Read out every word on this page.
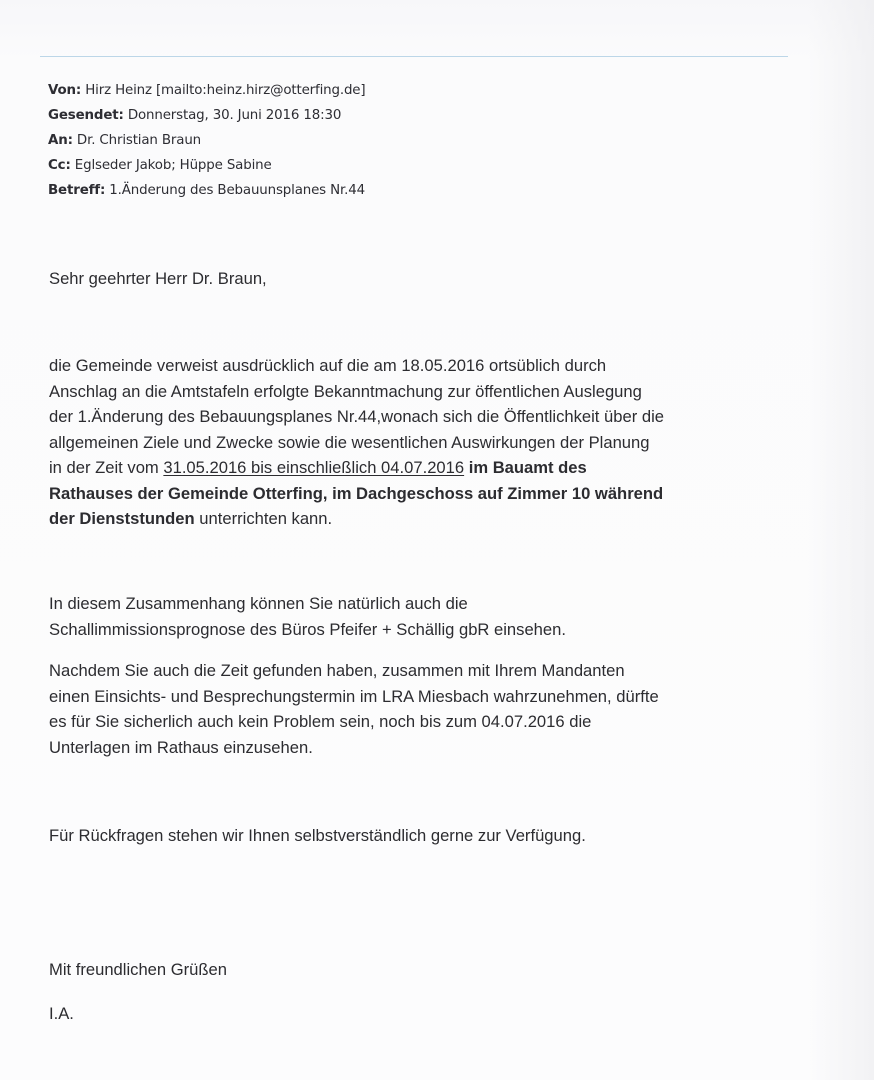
Von: Hirz Heinz [mailto:heinz.hirz@otterfing.de]
Gesendet: Donnerstag, 30. Juni 2016 18:30
An: Dr. Christian Braun
Cc: Eglseder Jakob; Hüppe Sabine
Betreff: 1.Änderung des Bebauunsplanes Nr.44
Sehr geehrter Herr Dr. Braun,
die Gemeinde verweist ausdrücklich auf die am 18.05.2016 ortsüblich durch
Anschlag an die Amtstafeln erfolgte Bekanntmachung zur öffentlichen Auslegung
der 1.Änderung des Bebauungsplanes Nr.44,wonach sich die Öffentlichkeit über die
allgemeinen Ziele und Zwecke sowie die wesentlichen Auswirkungen der Planung
in der Zeit vom 31.05.2016 bis einschließlich 04.07.2016 im Bauamt des
Rathauses der Gemeinde Otterfing, im Dachgeschoss auf Zimmer 10 während
der Dienststunden unterrichten kann.
In diesem Zusammenhang können Sie natürlich auch die
Schallimmissionsprognose des Büros Pfeifer + Schällig gbR einsehen.
Nachdem Sie auch die Zeit gefunden haben, zusammen mit Ihrem Mandanten
einen Einsichts- und Besprechungstermin im LRA Miesbach wahrzunehmen, dürfte
es für Sie sicherlich auch kein Problem sein, noch bis zum 04.07.2016 die
Unterlagen im Rathaus einzusehen.
Für Rückfragen stehen wir Ihnen selbstverständlich gerne zur Verfügung.
Mit freundlichen Grüßen
I.A.
